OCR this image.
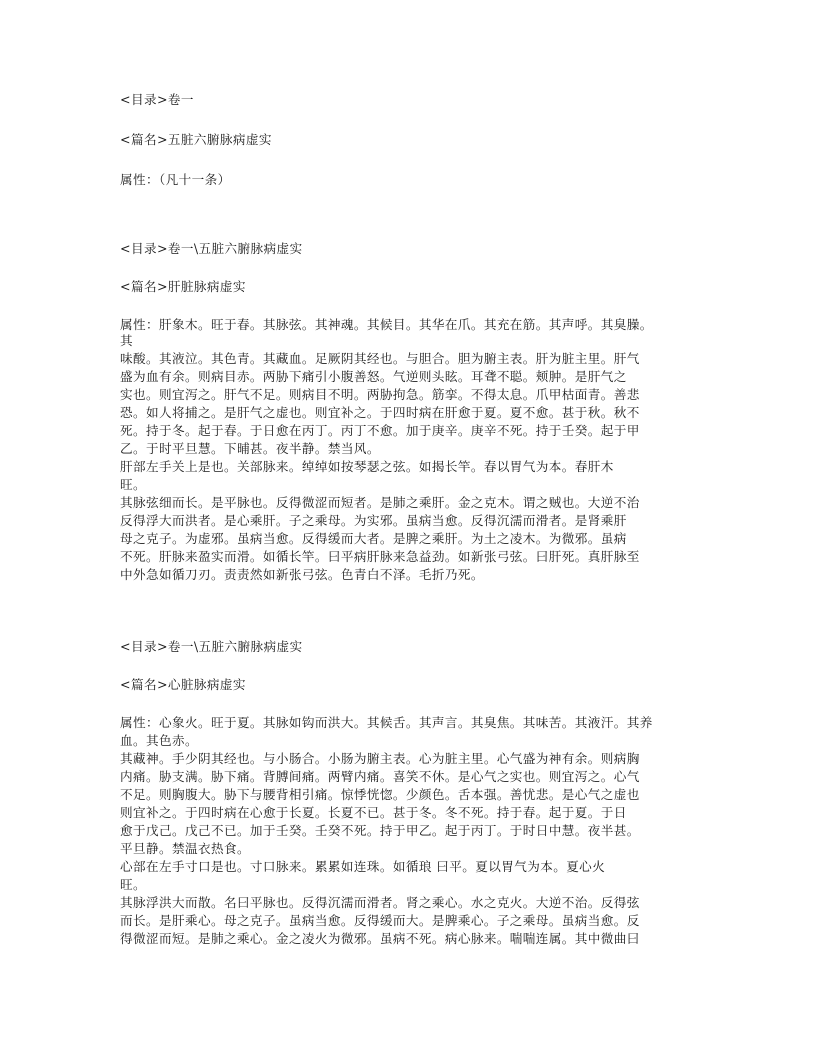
<目录>卷一
<篇名>五脏六腑脉病虚实
属性：（凡十一条）
<目录>卷一\五脏六腑脉病虚实
<篇名>肝脏脉病虚实
属性：肝象木。旺于春。其脉弦。其神魂。其候目。其华在爪。其充在筋。其声呼。其臭臊。
其
味酸。其液泣。其色青。其藏血。足厥阴其经也。与胆合。胆为腑主表。肝为脏主里。肝气
盛为血有余。则病目赤。两胁下痛引小腹善怒。气逆则头眩。耳聋不聪。颊肿。是肝气之
实也。则宜泻之。肝气不足。则病目不明。两胁拘急。筋挛。不得太息。爪甲枯面青。善悲
恐。如人将捕之。是肝气之虚也。则宜补之。于四时病在肝愈于夏。夏不愈。甚于秋。秋不
死。持于冬。起于春。于日愈在丙丁。丙丁不愈。加于庚辛。庚辛不死。持于壬癸。起于甲
乙。于时平旦慧。下晡甚。夜半静。禁当风。
肝部左手关上是也。关部脉来。绰绰如按琴瑟之弦。如揭长竿。春以胃气为本。春肝木
旺。
其脉弦细而长。是平脉也。反得微涩而短者。是肺之乘肝。金之克木。谓之贼也。大逆不治
反得浮大而洪者。是心乘肝。子之乘母。为实邪。虽病当愈。反得沉濡而滑者。是肾乘肝
母之克子。为虚邪。虽病当愈。反得缓而大者。是脾之乘肝。为土之凌木。为微邪。虽病
不死。肝脉来盈实而滑。如循长竿。曰平病肝脉来急益劲。如新张弓弦。曰肝死。真肝脉至
中外急如循刀刃。责责然如新张弓弦。色青白不泽。毛折乃死。
<目录>卷一\五脏六腑脉病虚实
<篇名>心脏脉病虚实
属性：心象火。旺于夏。其脉如钩而洪大。其候舌。其声言。其臭焦。其味苦。其液汗。其养
血。其色赤。
其藏神。手少阴其经也。与小肠合。小肠为腑主表。心为脏主里。心气盛为神有余。则病胸
内痛。胁支满。胁下痛。背膊间痛。两臂内痛。喜笑不休。是心气之实也。则宜泻之。心气
不足。则胸腹大。胁下与腰背相引痛。惊悸恍惚。少颜色。舌本强。善忧悲。是心气之虚也
则宜补之。于四时病在心愈于长夏。长夏不已。甚于冬。冬不死。持于春。起于夏。于日
愈于戊己。戊己不已。加于壬癸。壬癸不死。持于甲乙。起于丙丁。于时日中慧。夜半甚。
平旦静。禁温衣热食。
心部在左手寸口是也。寸口脉来。累累如连珠。如循琅 曰平。夏以胃气为本。夏心火
旺。
其脉浮洪大而散。名曰平脉也。反得沉濡而滑者。肾之乘心。水之克火。大逆不治。反得弦
而长。是肝乘心。母之克子。虽病当愈。反得缓而大。是脾乘心。子之乘母。虽病当愈。反
得微涩而短。是肺之乘心。金之凌火为微邪。虽病不死。病心脉来。喘喘连属。其中微曲曰
